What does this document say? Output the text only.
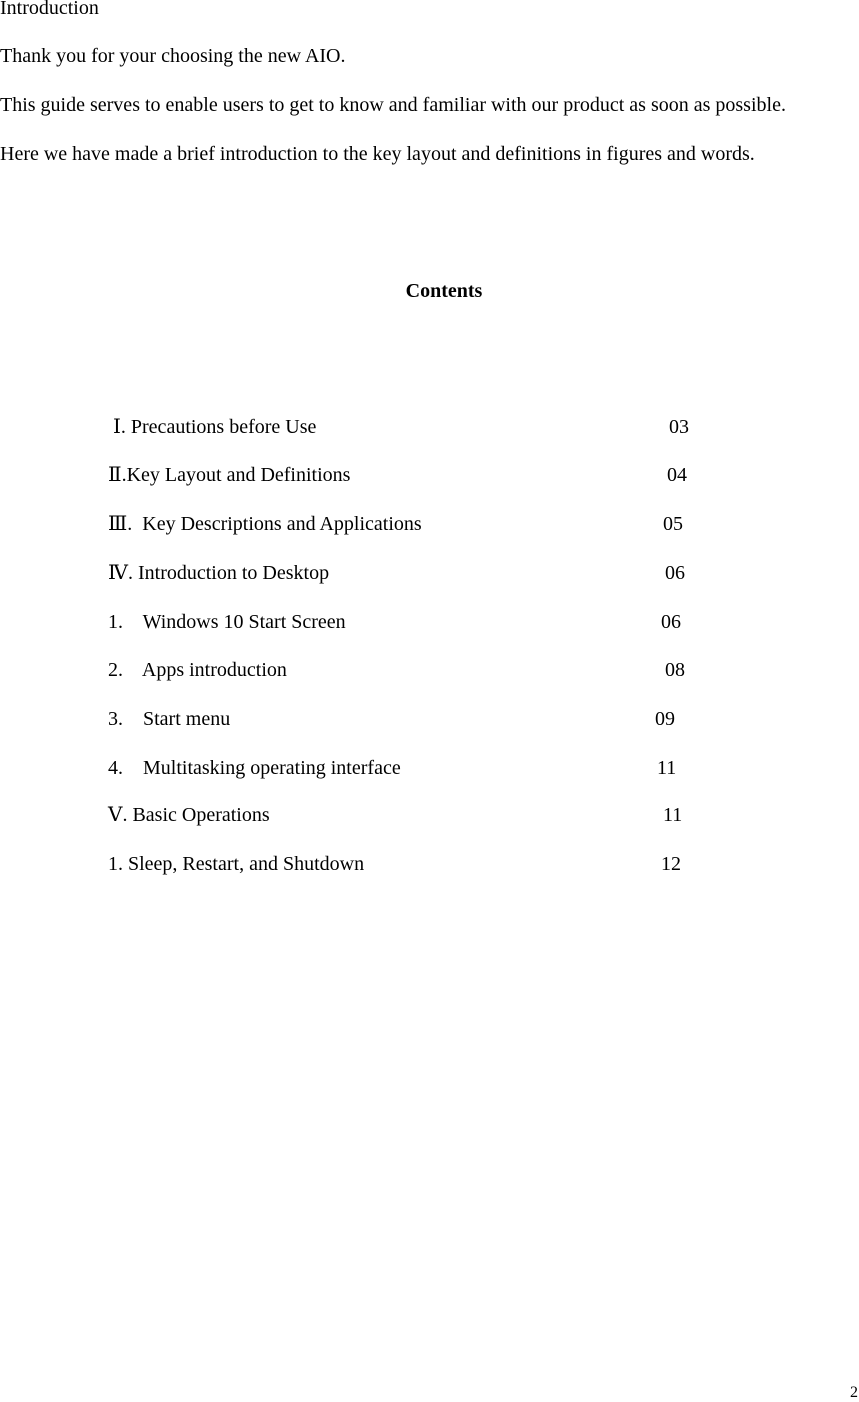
Introduction
Thank you for your choosing the new AIO.
This guide serves to enable users to get to know and familiar with our product as soon as possible.
Here we have made a brief introduction to the key layout and definitions in figures and words.
Contents
Ⅰ. Precautions before Use	03
Ⅱ.Key Layout and Definitions	04
Ⅲ.  Key Descriptions and Applications	05
Ⅳ. Introduction to Desktop	06
1.    Windows 10 Start Screen	06
2.    Apps introduction	08
3.    Start menu	09
4.    Multitasking operating interface	11
Ⅴ. Basic Operations	11
1. Sleep, Restart, and Shutdown	12
2
